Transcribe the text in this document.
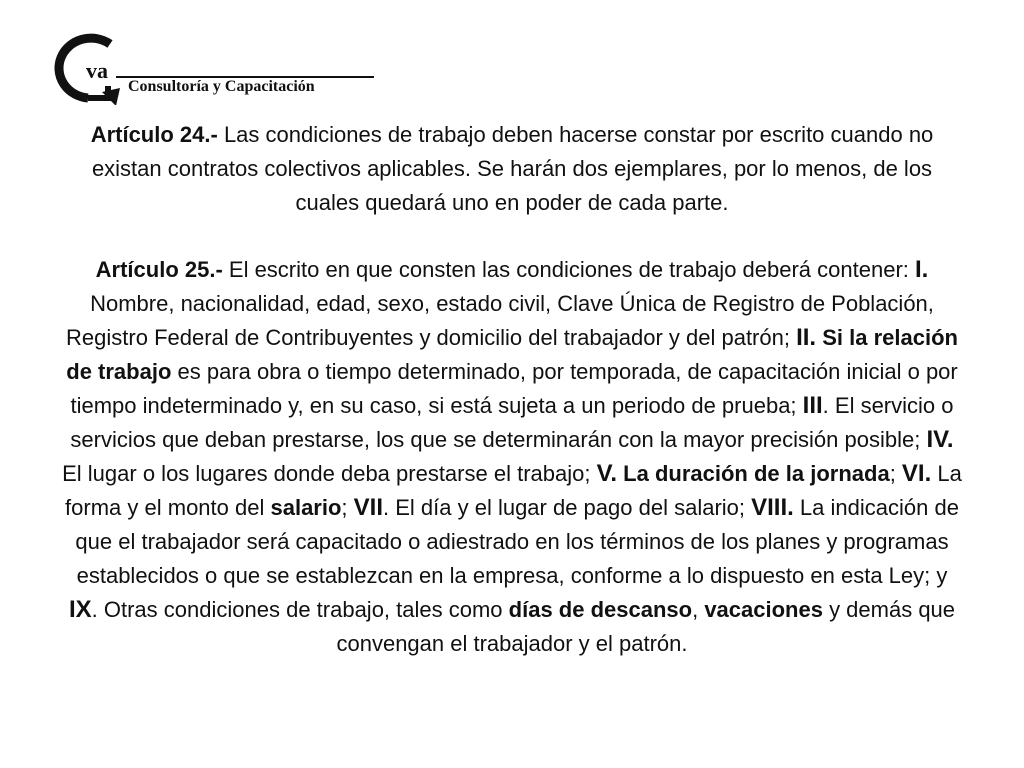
va
Consultoría y Capacitación

Artículo 24.- Las condiciones de trabajo deben hacerse constar por escrito cuando no existan contratos colectivos aplicables. Se harán dos ejemplares, por lo menos, de los cuales quedará uno en poder de cada parte.

Artículo 25.- El escrito en que consten las condiciones de trabajo deberá contener: I. Nombre, nacionalidad, edad, sexo, estado civil, Clave Única de Registro de Población, Registro Federal de Contribuyentes y domicilio del trabajador y del patrón; II. Si la relación de trabajo es para obra o tiempo determinado, por temporada, de capacitación inicial o por tiempo indeterminado y, en su caso, si está sujeta a un periodo de prueba; III. El servicio o servicios que deban prestarse, los que se determinarán con la mayor precisión posible; IV. El lugar o los lugares donde deba prestarse el trabajo; V. La duración de la jornada; VI. La forma y el monto del salario; VII. El día y el lugar de pago del salario; VIII. La indicación de que el trabajador será capacitado o adiestrado en los términos de los planes y programas establecidos o que se establezcan en la empresa, conforme a lo dispuesto en esta Ley; y IX. Otras condiciones de trabajo, tales como días de descanso, vacaciones y demás que convengan el trabajador y el patrón.
